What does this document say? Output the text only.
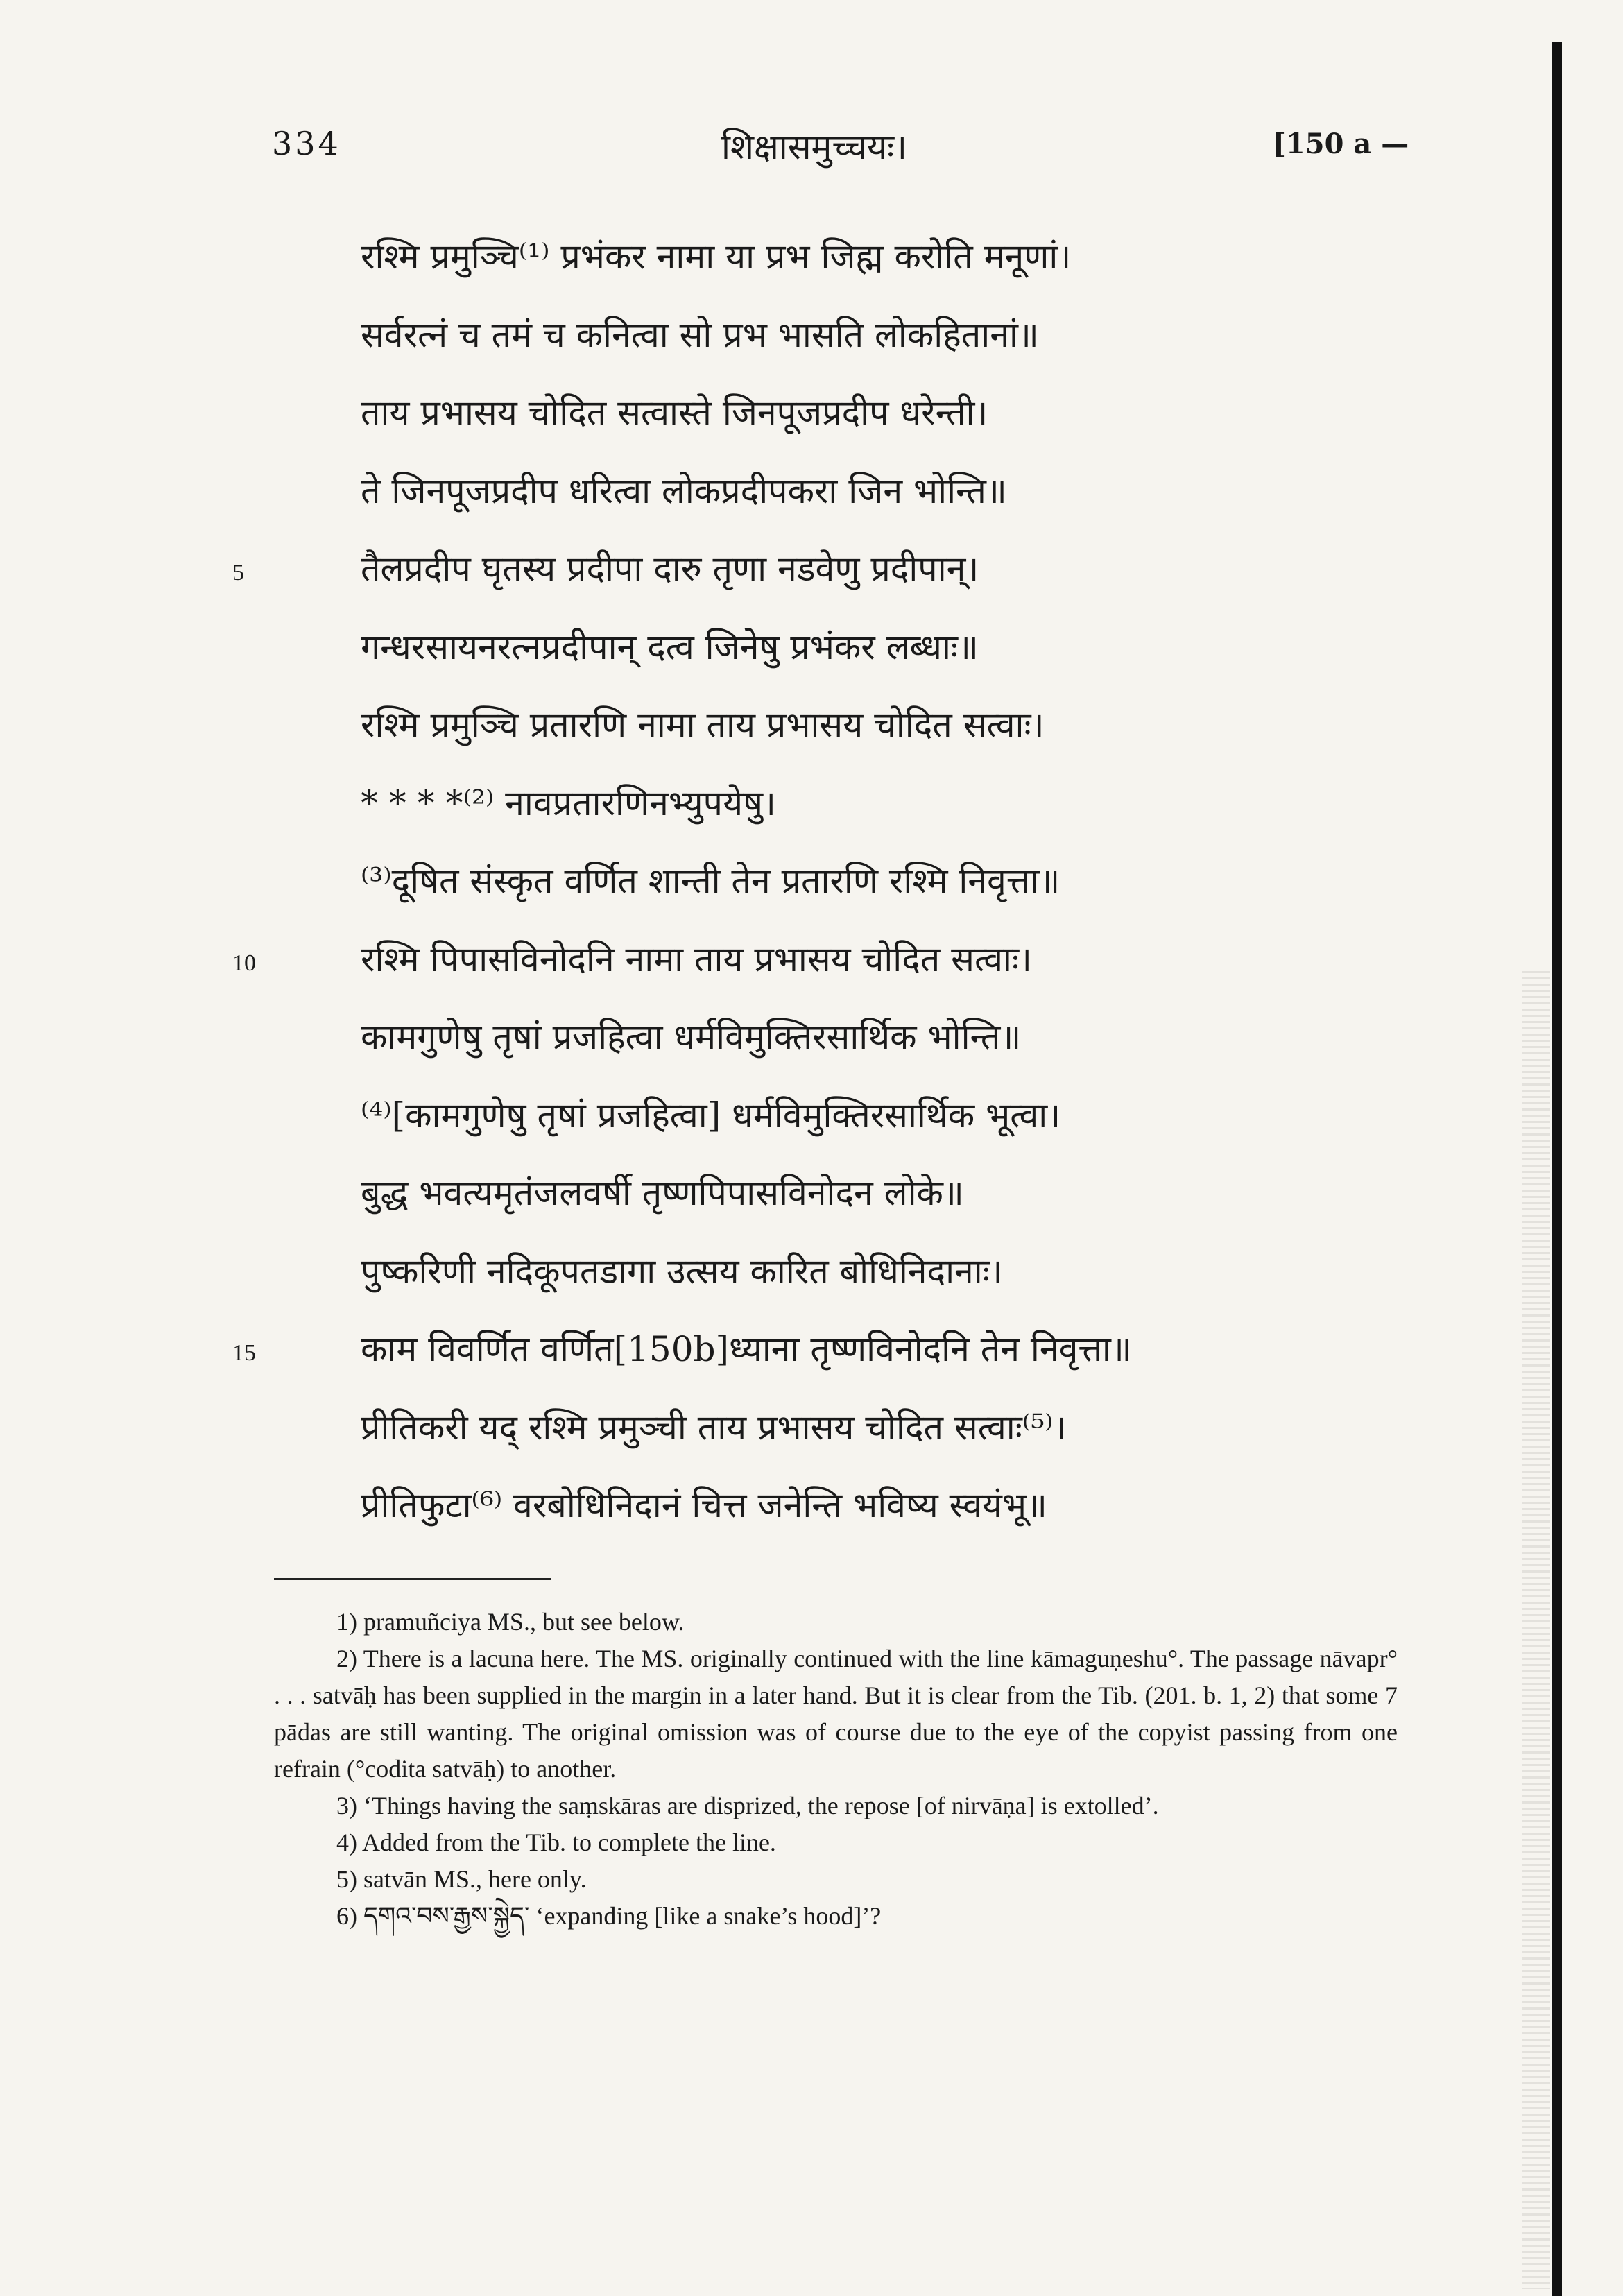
334	शिक्षासमुच्चयः।	[150 a —
रश्मि प्रमुञ्चि⁽¹⁾ प्रभंकर नामा या प्रभ जिह्म करोति मनूणां।
सर्वरत्नं च तमं च कनित्वा सो प्रभ भासति लोकहितानां॥
ताय प्रभासय चोदित सत्वास्ते जिनपूजप्रदीप धरेन्ती।
ते जिनपूजप्रदीप धरित्वा लोकप्रदीपकरा जिन भोन्ति॥
5	तैलप्रदीप घृतस्य प्रदीपा दारु तृणा नडवेणु प्रदीपान्।
गन्धरसायनरत्नप्रदीपान् दत्व जिनेषु प्रभंकर लब्धाः॥
रश्मि प्रमुञ्चि प्रतारणि नामा ताय प्रभासय चोदित सत्वाः।
* * * *⁽²⁾ नावप्रतारणिनभ्युपयेषु।
⁽³⁾दूषित संस्कृत वर्णित शान्ती तेन प्रतारणि रश्मि निवृत्ता॥
10	रश्मि पिपासविनोदनि नामा ताय प्रभासय चोदित सत्वाः।
कामगुणेषु तृषां प्रजहित्वा धर्मविमुक्तिरसार्थिक भोन्ति॥
⁽⁴⁾[कामगुणेषु तृषां प्रजहित्वा] धर्मविमुक्तिरसार्थिक भूत्वा।
बुद्ध भवत्यमृतंजलवर्षी तृष्णपिपासविनोदन लोके॥
पुष्करिणी नदिकूपतडागा उत्सय कारित बोधिनिदानाः।
15	काम विवर्णित वर्णित[150b]ध्याना तृष्णविनोदनि तेन निवृत्ता॥
प्रीतिकरी यद् रश्मि प्रमुञ्ची ताय प्रभासय चोदित सत्वाः⁽⁵⁾।
प्रीतिफुटा⁽⁶⁾ वरबोधिनिदानं चित्त जनेन्ति भविष्य स्वयंभू॥
1) pramuñciya MS., but see below.
2) There is a lacuna here. The MS. originally continued with the line kāmaguṇeshu°. The passage nāvapr° . . . satvāḥ has been supplied in the margin in a later hand. But it is clear from the Tib. (201. b. 1, 2) that some 7 pādas are still wanting. The original omission was of course due to the eye of the copyist passing from one refrain (°codita satvāḥ) to another.
3) ‘Things having the saṃskāras are disprized, the repose [of nirvāṇa] is extolled’.
4) Added from the Tib. to complete the line.
5) satvān MS., here only.
6) དགའ་བས་རྒྱས་སྐྱེད་ ‘expanding [like a snake’s hood]’?
